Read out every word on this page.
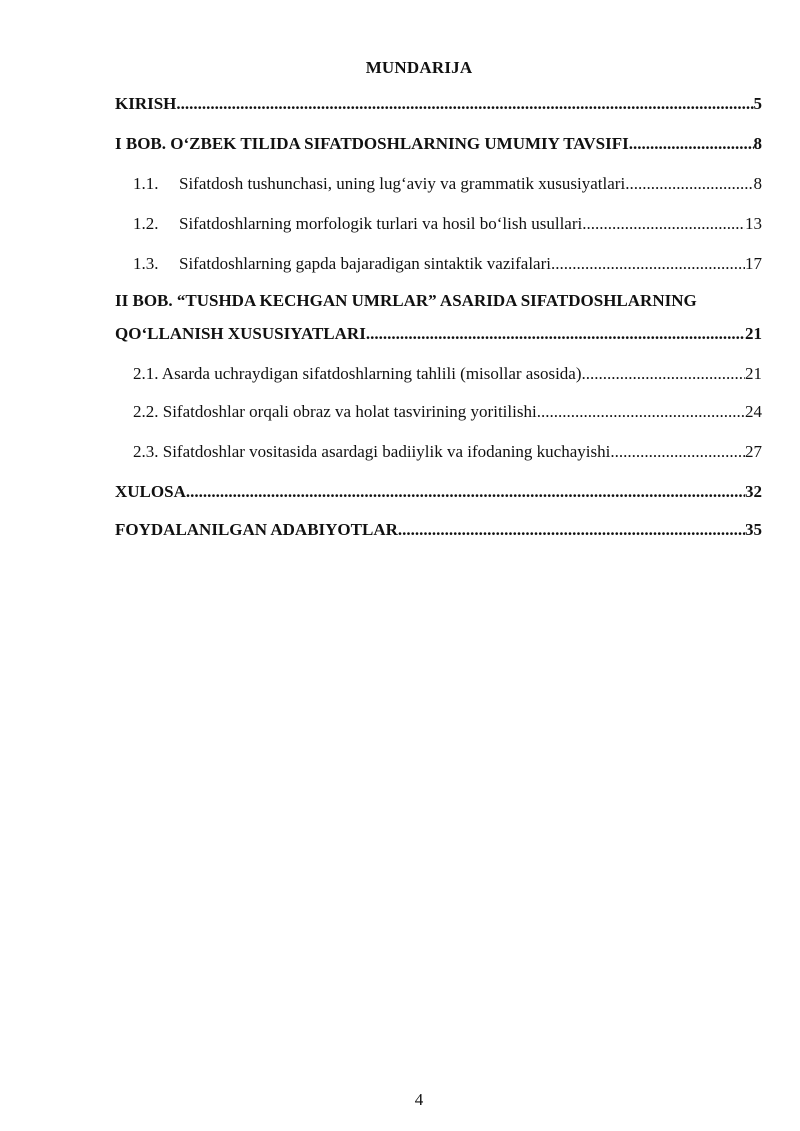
MUNDARIJA
KIRISH .....	5
I BOB. O‘ZBEK TILIDA SIFATDOSHLARNING UMUMIY TAVSIFI .....	8
1.1.	Sifatdosh tushunchasi, uning lug‘aviy va grammatik xususiyatlari .....	8
1.2.	Sifatdoshlarning morfologik turlari va hosil bo‘lish usullari .....	13
1.3.	Sifatdoshlarning gapda bajaradigan sintaktik vazifalari .....	17
II BOB. “TUSHDA KECHGAN UMRLAR” ASARIDA SIFATDOSHLARNING
QO‘LLANISH XUSUSIYATLARI .....	21
2.1. Asarda uchraydigan sifatdoshlarning tahlili (misollar asosida) .....	21
2.2. Sifatdoshlar orqali obraz va holat tasvirining yoritilishi .....	24
2.3. Sifatdoshlar vositasida asardagi badiiylik va ifodaning kuchayishi .....	27
XULOSA .....	32
FOYDALANILGAN ADABIYOTLAR .....	35
4
